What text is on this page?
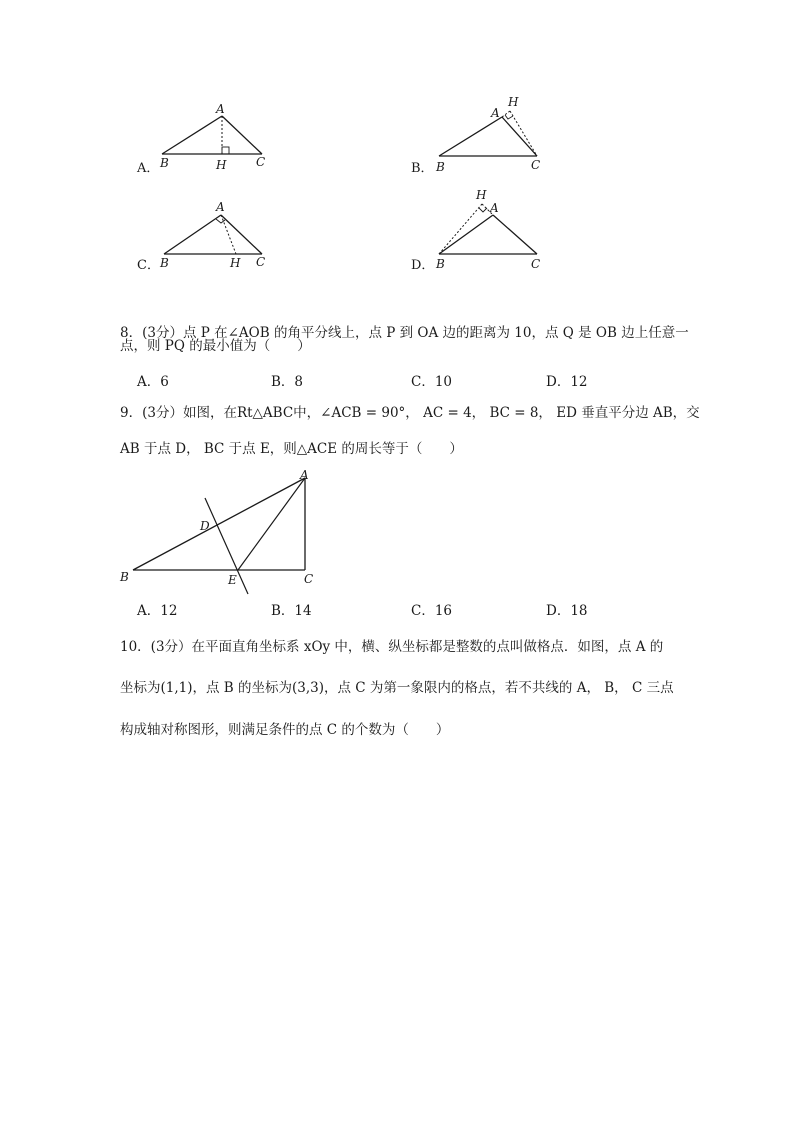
A．
A
B	H C	B．
A
H
B	C
C．
A
B	H C	D．
H
A
B	C
8．(3分）点 P 在∠AOB 的角平分线上，点 P 到 OA 边的距离为 10，点 Q 是 OB 边上任意一
点，则 PQ 的最小值为（　　）
A．6	B．8	C．10	D．12
9．(3分）如图，在Rt△ABC中，∠ACB = 90°， AC = 4， BC = 8， ED 垂直平分边 AB，交
AB 于点 D， BC 于点 E，则△ACE 的周长等于（　　）
A
D
B	E	C
A．12	B．14	C．16	D．18
10．(3分）在平面直角坐标系 xOy 中，横、纵坐标都是整数的点叫做格点．如图，点 A 的
坐标为(1,1)，点 B 的坐标为(3,3)，点 C 为第一象限内的格点，若不共线的 A， B， C 三点
构成轴对称图形，则满足条件的点 C 的个数为（　　）
